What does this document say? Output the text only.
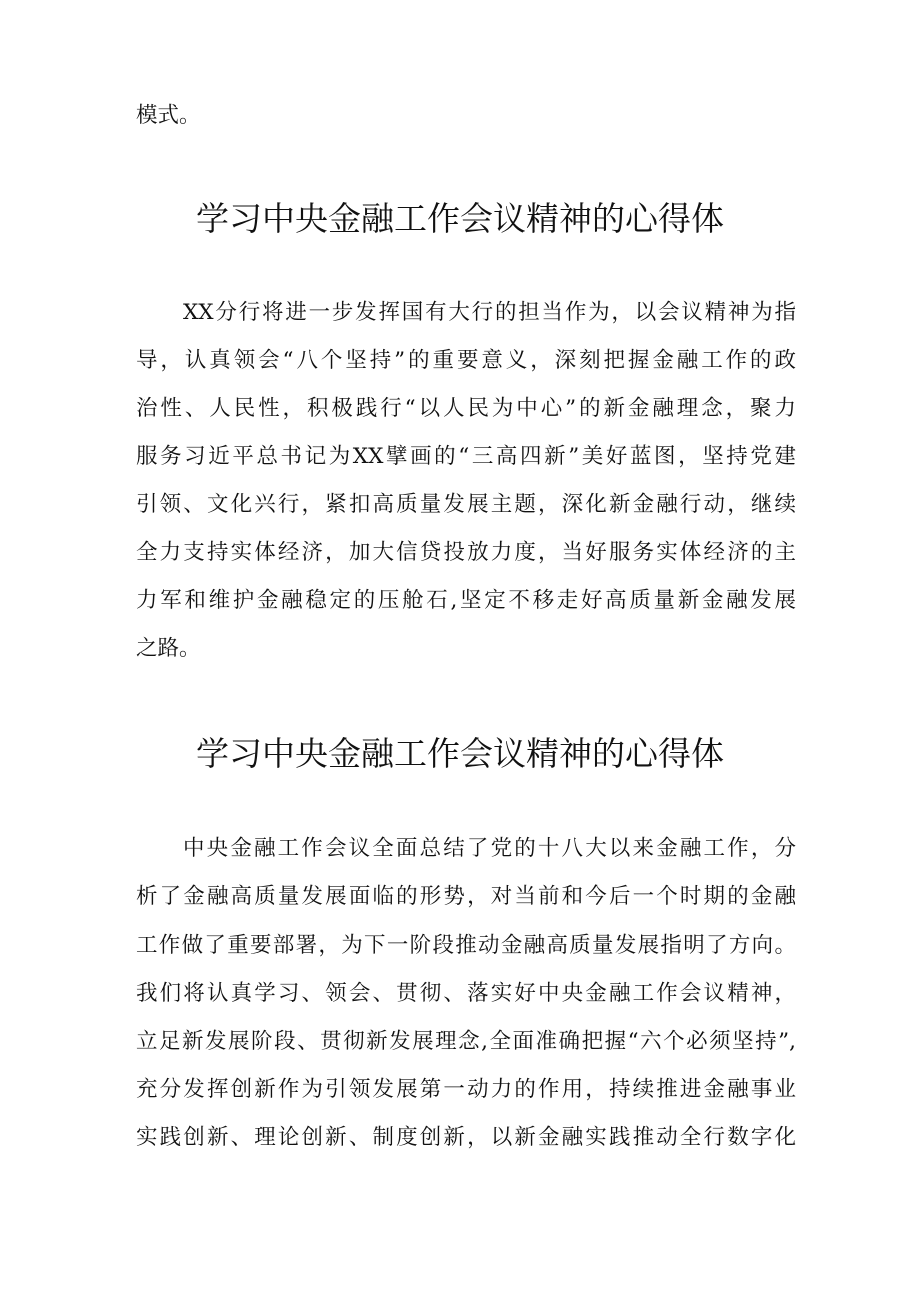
模式。
学习中央金融工作会议精神的心得体
XX分行将进一步发挥国有大行的担当作为，以会议精神为指
导，认真领会“八个坚持”的重要意义，深刻把握金融工作的政
治性、人民性，积极践行“以人民为中心”的新金融理念，聚力
服务习近平总书记为XX擘画的“三高四新”美好蓝图，坚持党建
引领、文化兴行，紧扣高质量发展主题，深化新金融行动，继续
全力支持实体经济，加大信贷投放力度，当好服务实体经济的主
力军和维护金融稳定的压舱石,坚定不移走好高质量新金融发展
之路。
学习中央金融工作会议精神的心得体
中央金融工作会议全面总结了党的十八大以来金融工作，分
析了金融高质量发展面临的形势，对当前和今后一个时期的金融
工作做了重要部署，为下一阶段推动金融高质量发展指明了方向。
我们将认真学习、领会、贯彻、落实好中央金融工作会议精神，
立足新发展阶段、贯彻新发展理念,全面准确把握“六个必须坚持”,
充分发挥创新作为引领发展第一动力的作用，持续推进金融事业
实践创新、理论创新、制度创新，以新金融实践推动全行数字化
